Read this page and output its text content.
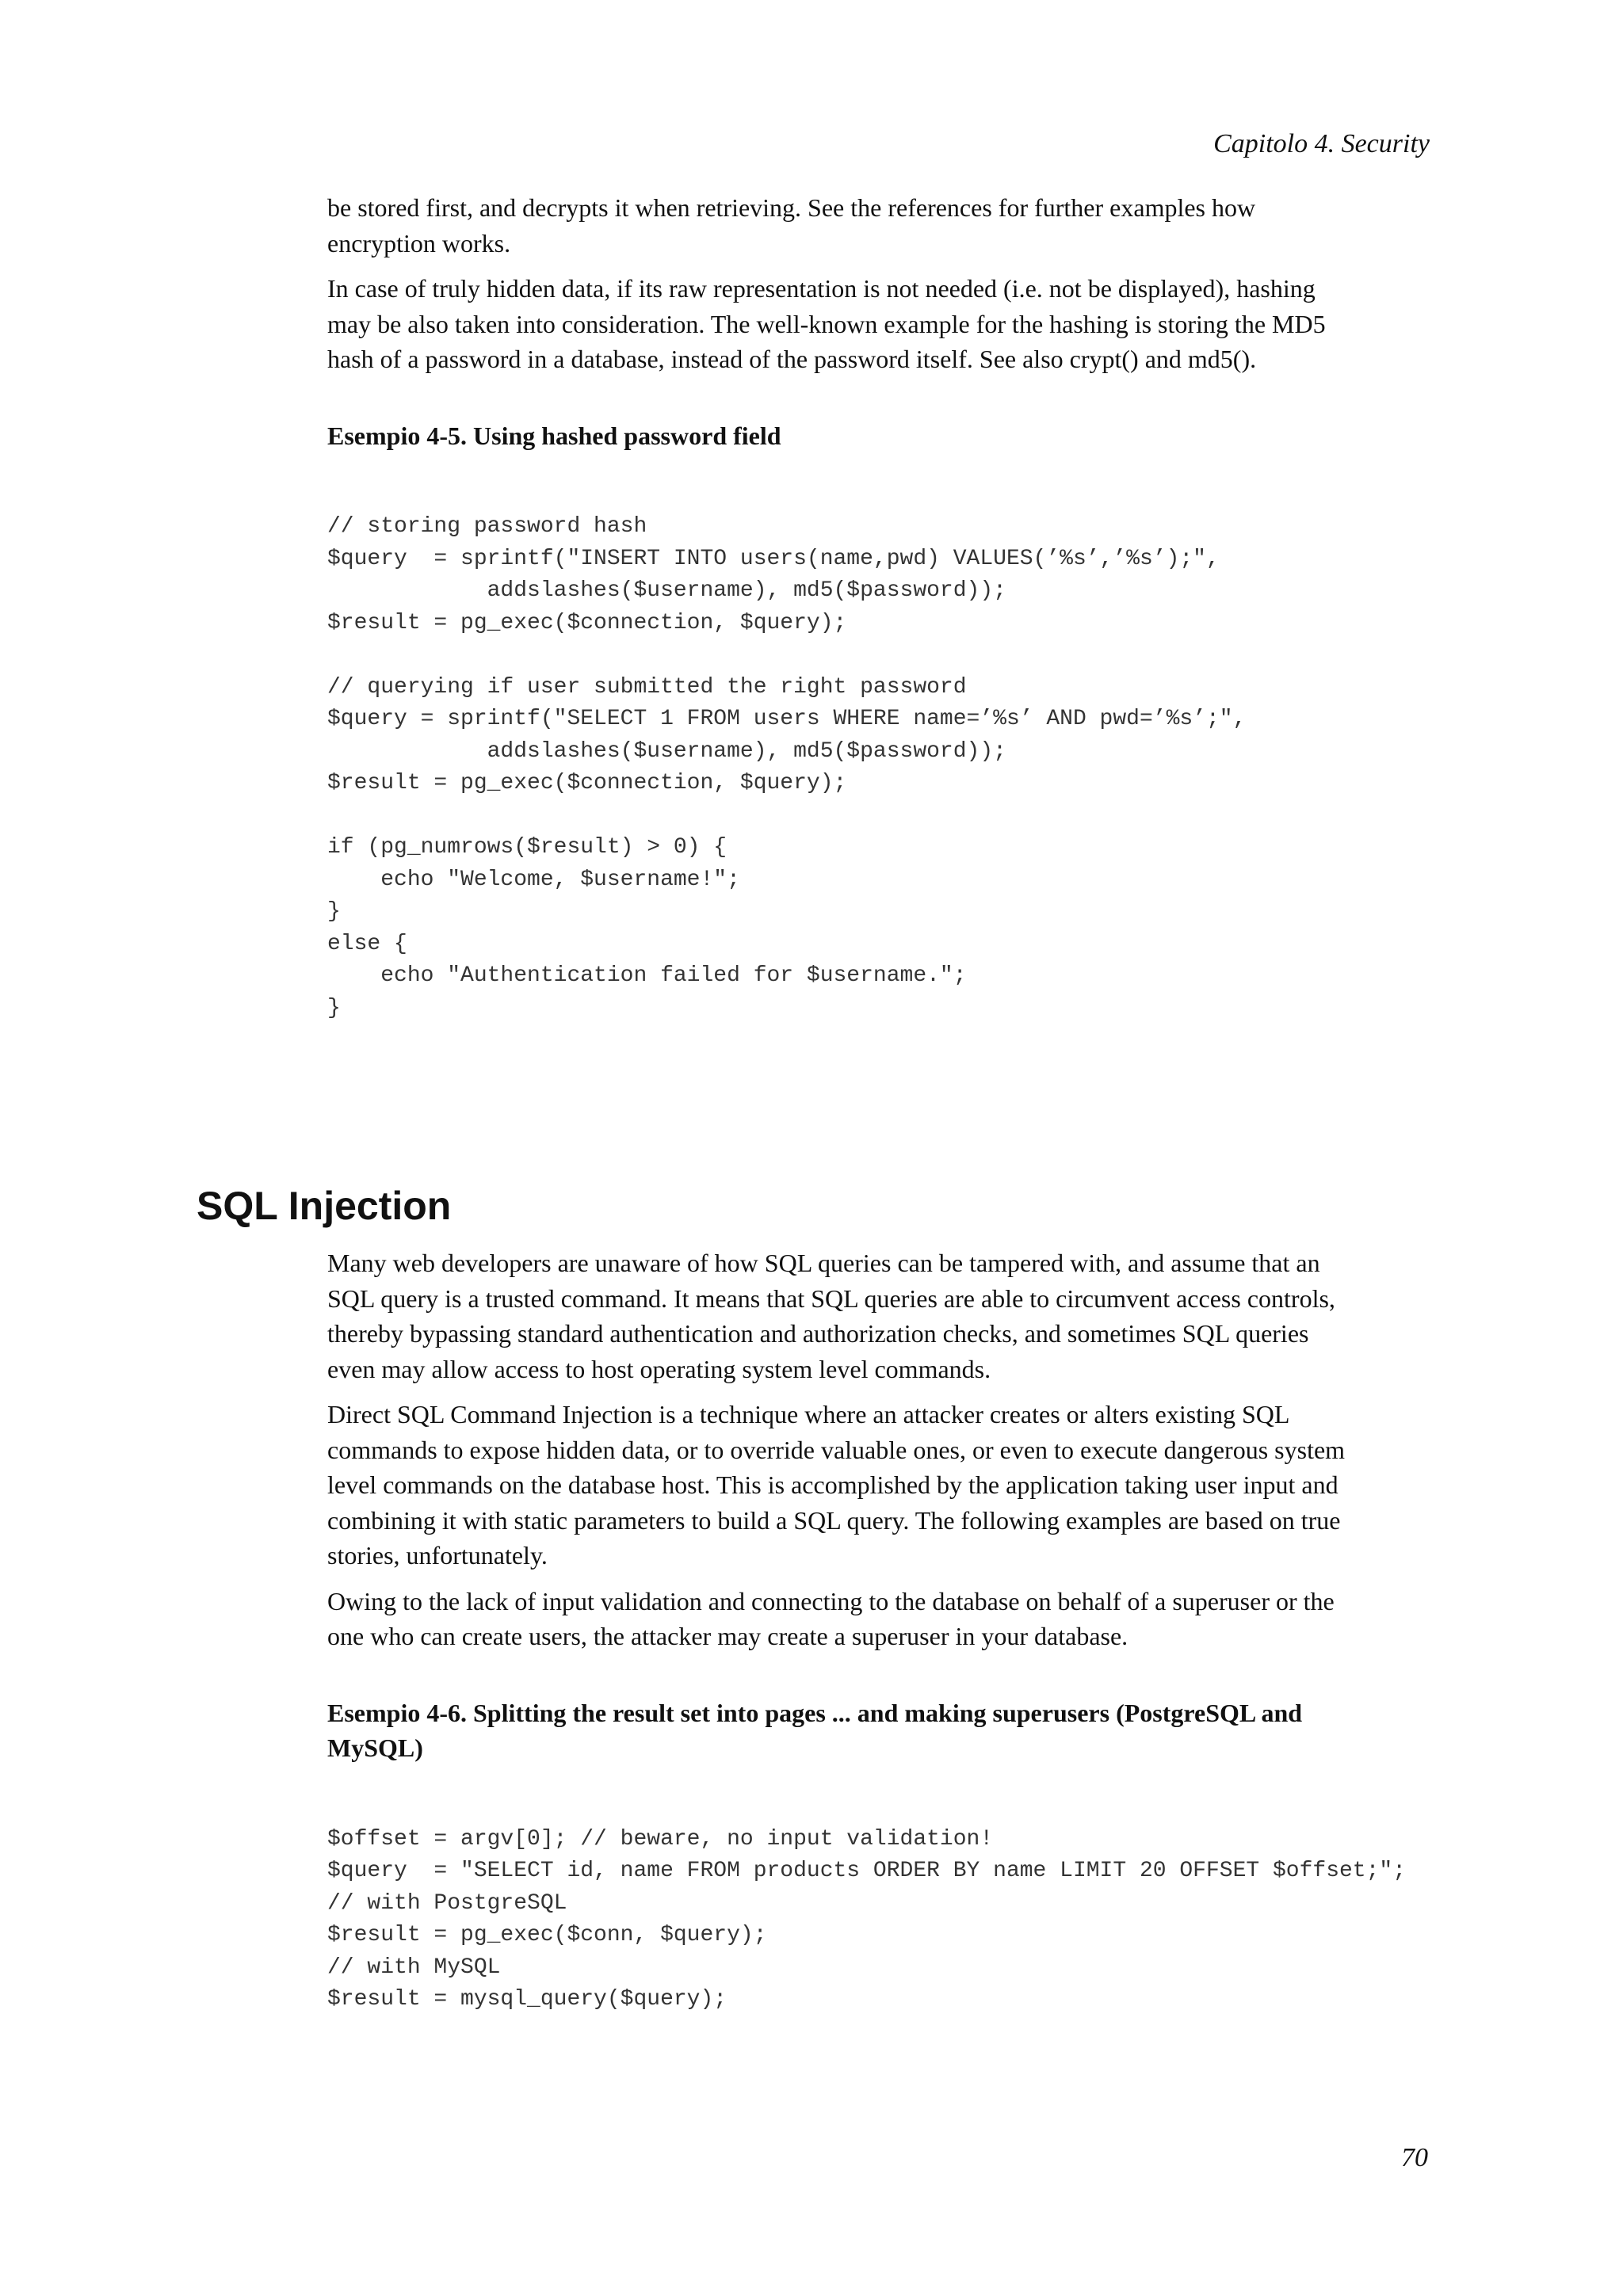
Capitolo 4. Security

be stored first, and decrypts it when retrieving. See the references for further examples how
encryption works.

In case of truly hidden data, if its raw representation is not needed (i.e. not be displayed), hashing
may be also taken into consideration. The well-known example for the hashing is storing the MD5
hash of a password in a database, instead of the password itself. See also crypt() and md5().

Esempio 4-5. Using hashed password field

// storing password hash
$query  = sprintf("INSERT INTO users(name,pwd) VALUES(’%s’,’%s’);",
addslashes($username), md5($password));
$result = pg_exec($connection, $query);

// querying if user submitted the right password
$query = sprintf("SELECT 1 FROM users WHERE name=’%s’ AND pwd=’%s’;",
addslashes($username), md5($password));
$result = pg_exec($connection, $query);

if (pg_numrows($result) > 0) {
echo "Welcome, $username!";
}
else {
echo "Authentication failed for $username.";
}
SQL Injection

Many web developers are unaware of how SQL queries can be tampered with, and assume that an
SQL query is a trusted command. It means that SQL queries are able to circumvent access controls,
thereby bypassing standard authentication and authorization checks, and sometimes SQL queries
even may allow access to host operating system level commands.

Direct SQL Command Injection is a technique where an attacker creates or alters existing SQL
commands to expose hidden data, or to override valuable ones, or even to execute dangerous system
level commands on the database host. This is accomplished by the application taking user input and
combining it with static parameters to build a SQL query. The following examples are based on true
stories, unfortunately.

Owing to the lack of input validation and connecting to the database on behalf of a superuser or the
one who can create users, the attacker may create a superuser in your database.

Esempio 4-6. Splitting the result set into pages ... and making superusers (PostgreSQL and
MySQL)

$offset = argv[0]; // beware, no input validation!
$query  = "SELECT id, name FROM products ORDER BY name LIMIT 20 OFFSET $offset;";
// with PostgreSQL
$result = pg_exec($conn, $query);
// with MySQL
$result = mysql_query($query);
70
